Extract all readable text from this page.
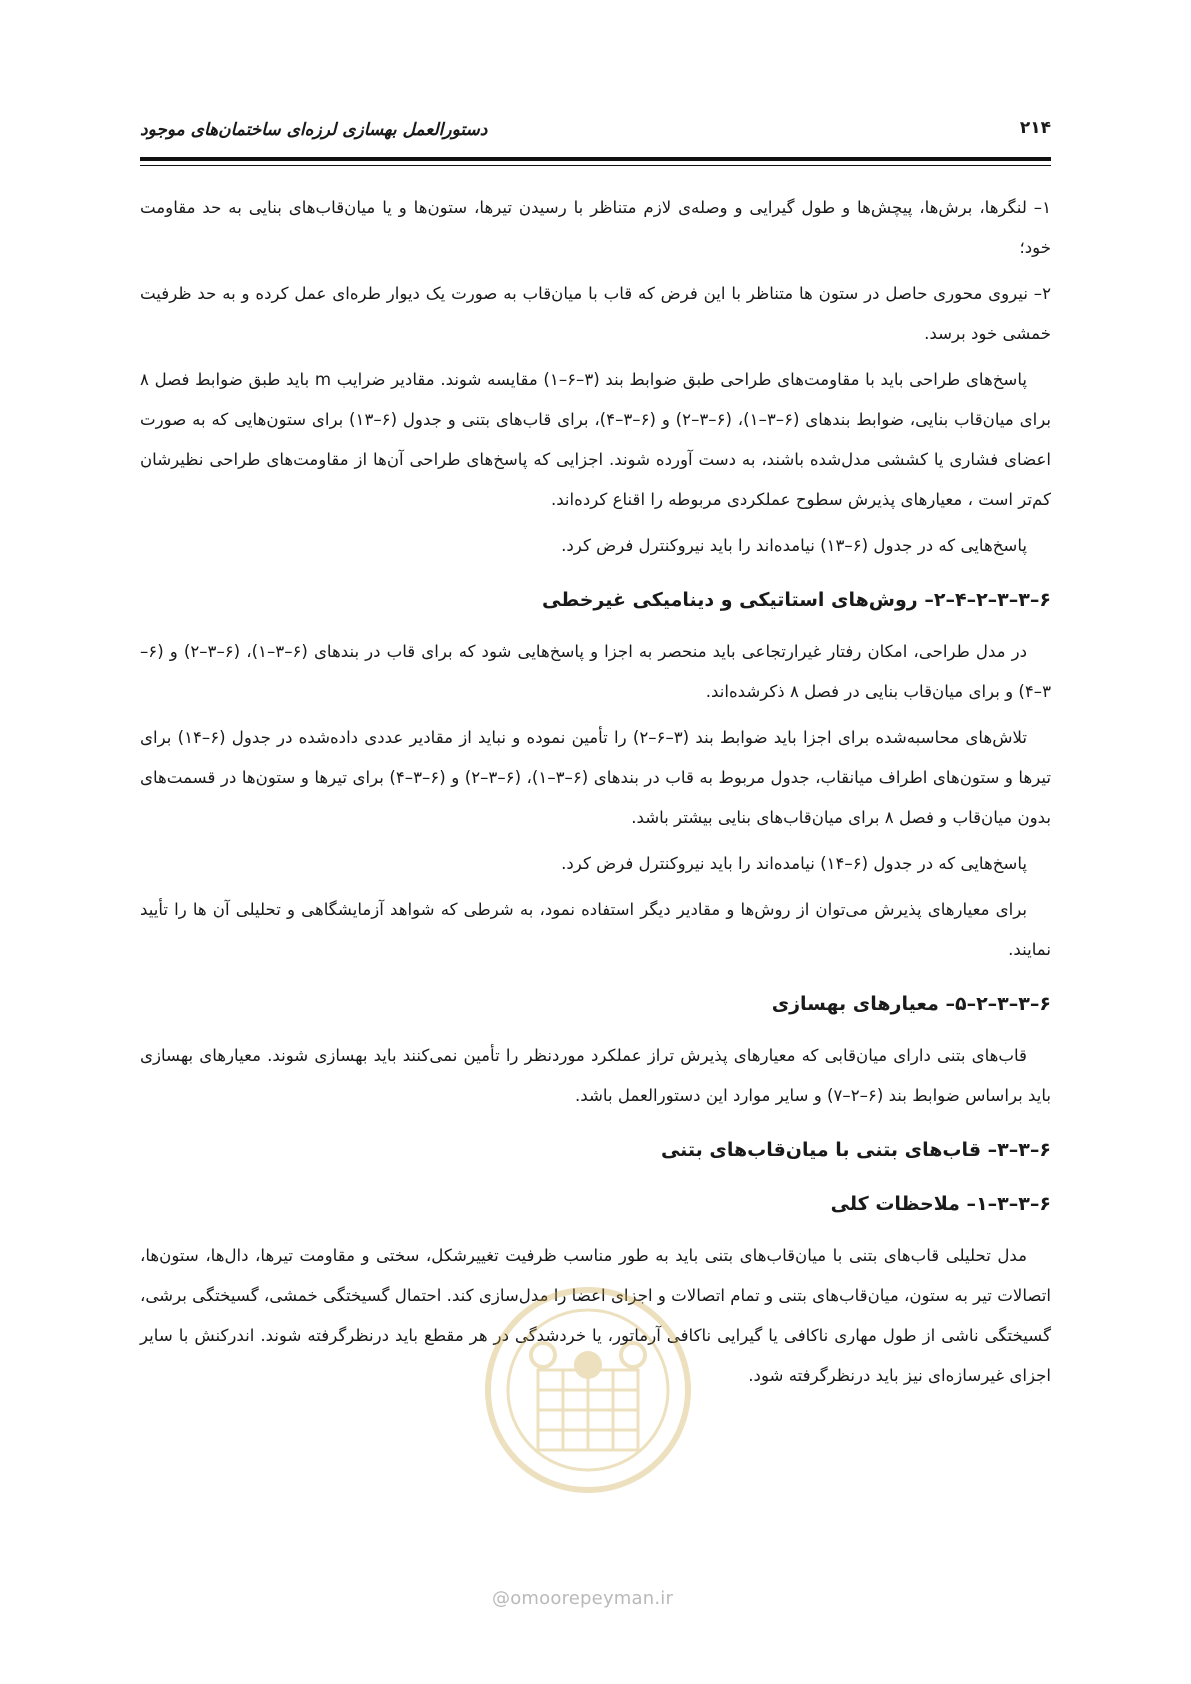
۲۱۴
دستورالعمل بهسازی لرزه‌ای ساختمان‌های موجود

۱– لنگرها، برش‌ها، پیچش‌ها و طول گیرایی و وصله‌ی لازم متناظر با رسیدن تیرها، ستون‌ها و یا میان‌قاب‌های بنایی به حد مقاومت خود؛

۲– نیروی محوری حاصل در ستون ها متناظر با این فرض که قاب با میان‌قاب به صورت یک دیوار طره‌ای عمل کرده و به حد ظرفیت خمشی خود برسد.

پاسخ‌های طراحی باید با مقاومت‌های طراحی طبق ضوابط بند (۳–۶–۱) مقایسه شوند. مقادیر ضرایب m باید طبق ضوابط فصل ۸ برای میان‌قاب بنایی، ضوابط بندهای (۶–۳–۱)، (۶–۳–۲) و (۶–۳–۴)، برای قاب‌های بتنی و جدول (۶–۱۳) برای ستون‌هایی که به صورت اعضای فشاری یا کششی مدل‌شده باشند، به دست آورده شوند. اجزایی که پاسخ‌های طراحی آن‌ها از مقاومت‌های طراحی نظیرشان کم‌تر است ، معیارهای پذیرش سطوح عملکردی مربوطه را اقناع کرده‌اند.

پاسخ‌هایی که در جدول (۶–۱۳) نیامده‌اند را باید نیروکنترل فرض کرد.

۶–۳–۳–۲–۴–۲– روش‌های استاتیکی و دینامیکی غیرخطی

در مدل طراحی، امکان رفتار غیرارتجاعی باید منحصر به اجزا و پاسخ‌هایی شود که برای قاب در بندهای (۶–۳–۱)، (۶–۳–۲) و (۶–۳–۴) و برای میان‌قاب بنایی در فصل ۸ ذکرشده‌اند.

تلاش‌های محاسبه‌شده برای اجزا باید ضوابط بند (۳–۶–۲) را تأمین نموده و نباید از مقادیر عددی داده‌شده در جدول (۶–۱۴) برای تیرها و ستون‌های اطراف میانقاب، جدول مربوط به قاب در بندهای (۶–۳–۱)، (۶–۳–۲) و (۶–۳–۴) برای تیرها و ستون‌ها در قسمت‌های بدون میان‌قاب و فصل ۸ برای میان‌قاب‌های بنایی بیشتر باشد.

پاسخ‌هایی که در جدول (۶–۱۴) نیامده‌اند را باید نیروکنترل فرض کرد.

برای معیارهای پذیرش می‌توان از روش‌ها و مقادیر دیگر استفاده نمود، به شرطی که شواهد آزمایشگاهی و تحلیلی آن ها را تأیید نمایند.

۶–۳–۳–۲–۵– معیارهای بهسازی

قاب‌های بتنی دارای میان‌قابی که معیارهای پذیرش تراز عملکرد موردنظر را تأمین نمی‌کنند باید بهسازی شوند. معیارهای بهسازی باید براساس ضوابط بند (۶–۲–۷) و سایر موارد این دستورالعمل باشد.

۶–۳–۳– قاب‌های بتنی با میان‌قاب‌های بتنی
۶–۳–۳–۱– ملاحظات کلی

مدل تحلیلی قاب‌های بتنی با میان‌قاب‌های بتنی باید به طور مناسب ظرفیت تغییرشکل، سختی و مقاومت تیرها، دال‌ها، ستون‌ها، اتصالات تیر به ستون، میان‌قاب‌های بتنی و تمام اتصالات و اجزای اعضا را مدل‌سازی کند. احتمال گسیختگی خمشی، گسیختگی برشی، گسیختگی ناشی از طول مهاری ناکافی یا گیرایی ناکافی آرماتور، یا خردشدگی در هر مقطع باید درنظرگرفته شوند. اندرکنش با سایر اجزای غیرسازه‌ای نیز باید درنظرگرفته شود.

@omoorepeyman.ir
